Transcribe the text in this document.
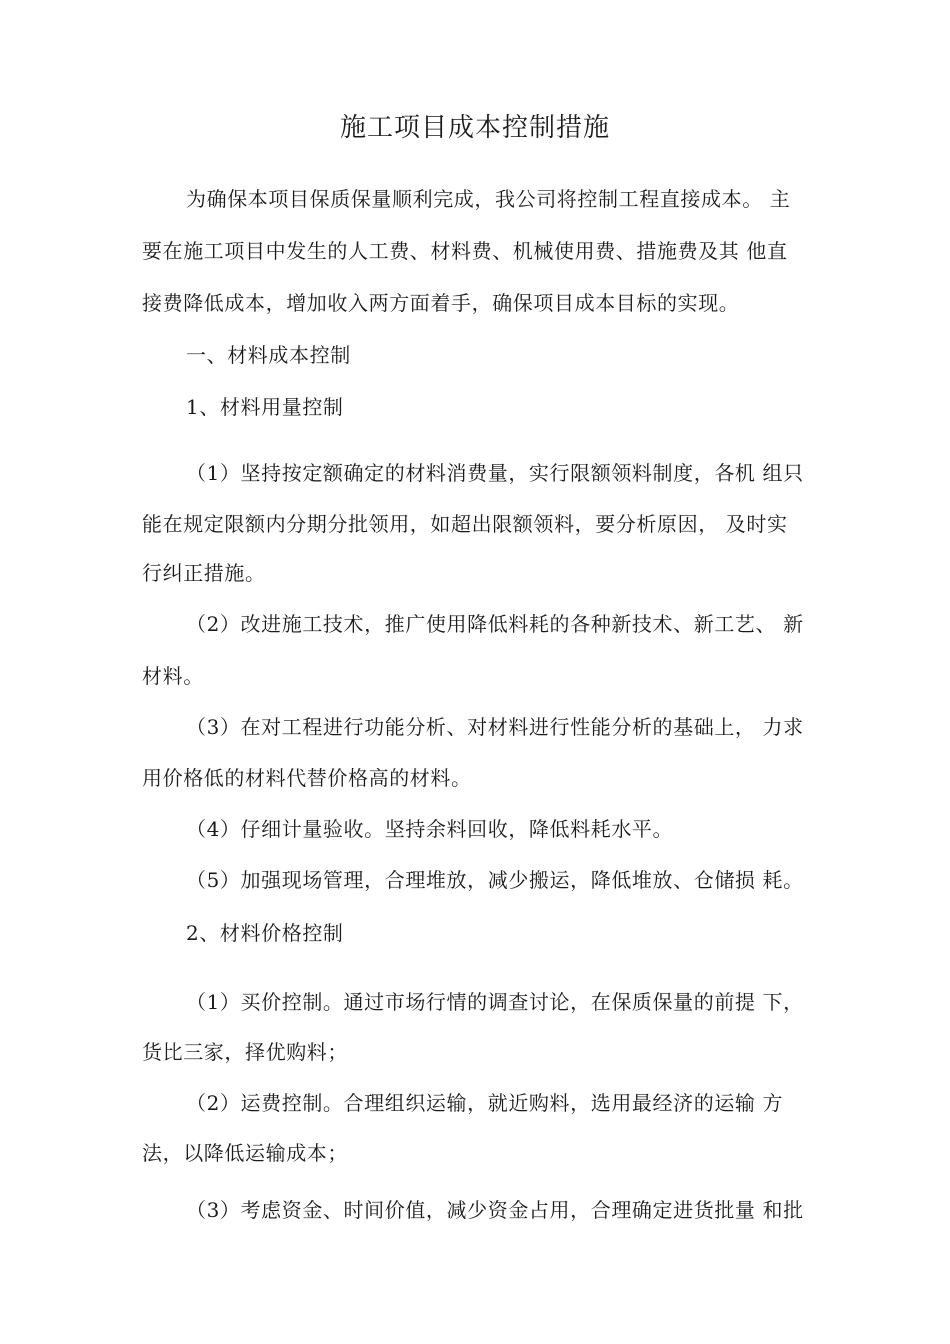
施工项目成本控制措施
为确保本项目保质保量顺利完成，我公司将控制工程直接成本。 主
要在施工项目中发生的人工费、材料费、机械使用费、措施费及其 他直
接费降低成本，增加收入两方面着手，确保项目成本目标的实现。
一、材料成本控制
1、材料用量控制
（1）坚持按定额确定的材料消费量，实行限额领料制度，各机 组只
能在规定限额内分期分批领用，如超出限额领料，要分析原因， 及时实
行纠正措施。
（2）改进施工技术，推广使用降低料耗的各种新技术、新工艺、 新
材料。
（3）在对工程进行功能分析、对材料进行性能分析的基础上， 力求
用价格低的材料代替价格高的材料。
（4）仔细计量验收。坚持余料回收，降低料耗水平。
（5）加强现场管理，合理堆放，减少搬运，降低堆放、仓储损 耗。
2、材料价格控制
（1）买价控制。通过市场行情的调查讨论，在保质保量的前提 下，
货比三家，择优购料；
（2）运费控制。合理组织运输，就近购料，选用最经济的运输 方
法，以降低运输成本；
（3）考虑资金、时间价值，减少资金占用，合理确定进货批量 和批
